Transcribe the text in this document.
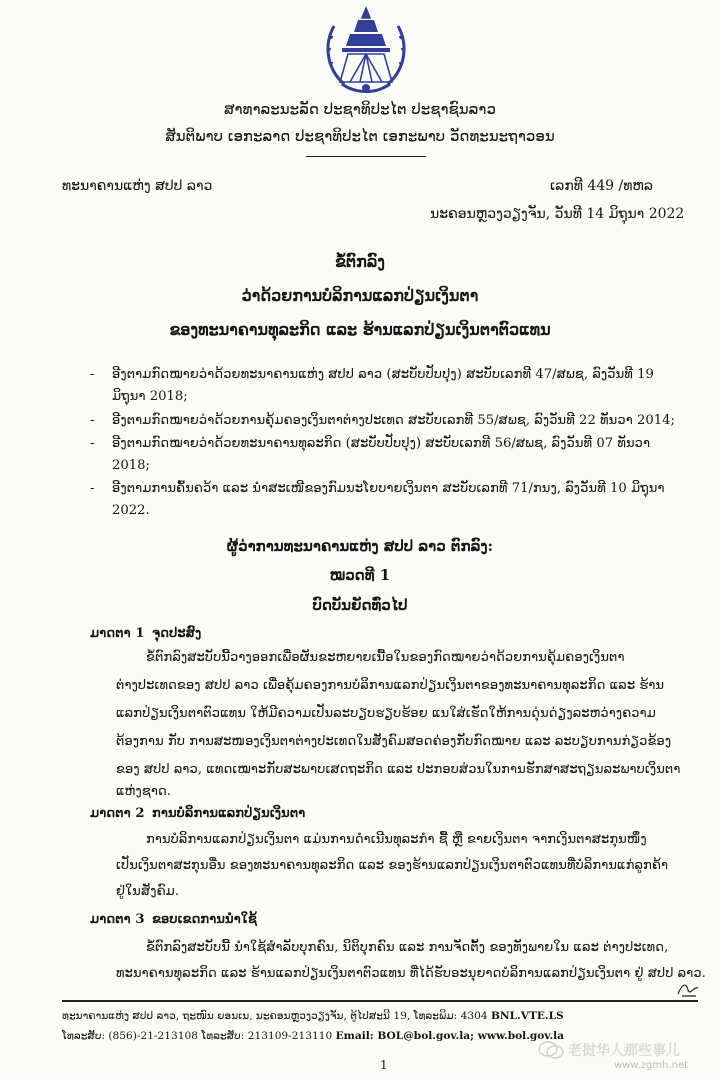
ສາທາລະນະລັດ ປະຊາທິປະໄຕ ປະຊາຊົນລາວ
ສັນຕິພາບ ເອກະລາດ ປະຊາທິປະໄຕ ເອກະພາບ ວັດທະນະຖາວອນ
ທະນາຄານແຫ່ງ ສປປ ລາວ	ເລກທີ 449 /ທຫລ
ນະຄອນຫຼວງວຽງຈັນ, ວັນທີ 14 ມິຖຸນາ 2022
ຂໍ້ຕົກລົງ
ວ່າດ້ວຍການບໍລິການແລກປ່ຽນເງິນຕາ
ຂອງທະນາຄານທຸລະກິດ ແລະ ຮ້ານແລກປ່ຽນເງິນຕາຕົວແທນ
- ອີງຕາມກົດໝາຍວ່າດ້ວຍທະນາຄານແຫ່ງ ສປປ ລາວ (ສະບັບປັບປຸງ) ສະບັບເລກທີ 47/ສພຊ, ລົງວັນທີ 19
ມິຖຸນາ 2018;
- ອີງຕາມກົດໝາຍວ່າດ້ວຍການຄຸ້ມຄອງເງິນຕາຕ່າງປະເທດ ສະບັບເລກທີ 55/ສພຊ, ລົງວັນທີ 22 ທັນວາ 2014;
- ອີງຕາມກົດໝາຍວ່າດ້ວຍທະນາຄານທຸລະກິດ (ສະບັບປັບປຸງ) ສະບັບເລກທີ 56/ສພຊ, ລົງວັນທີ 07 ທັນວາ
2018;
- ອີງຕາມການຄົ້ນຄວ້າ ແລະ ນຳສະເໜີຂອງກົມນະໂຍບາຍເງິນຕາ ສະບັບເລກທີ 71/ກນງ, ລົງວັນທີ 10 ມິຖຸນາ
2022.
ຜູ້ວ່າການທະນາຄານແຫ່ງ ສປປ ລາວ ຕົກລົງ:
ໝວດທີ 1
ບົດບັນຍັດທົ່ວໄປ
ມາດຕາ 1 ຈຸດປະສົງ
ຂໍ້ຕົກລົງສະບັບນີ້ວາງອອກເພື່ອຜັນຂະຫຍາຍເນື້ອໃນຂອງກົດໝາຍວ່າດ້ວຍການຄຸ້ມຄອງເງິນຕາ
ຕ່າງປະເທດຂອງ ສປປ ລາວ ເພື່ອຄຸ້ມຄອງການບໍລິການແລກປ່ຽນເງິນຕາຂອງທະນາຄານທຸລະກິດ ແລະ ຮ້ານ
ແລກປ່ຽນເງິນຕາຕົວແທນ ໃຫ້ມີຄວາມເປັນລະບຽບຮຽບຮ້ອຍ ແນໃສ່ເຮັດໃຫ້ການດຸ່ນດ່ຽງລະຫວ່າງຄວາມ
ຕ້ອງການ ກັບ ການສະໜອງເງິນຕາຕ່າງປະເທດໃນສັງຄົມສອດຄ່ອງກັບກົດໝາຍ ແລະ ລະບຽບການກ່ຽວຂ້ອງ
ຂອງ ສປປ ລາວ, ແທດເໝາະກັບສະພາບເສດຖະກິດ ແລະ ປະກອບສ່ວນໃນການຮັກສາສະຖຽນລະພາບເງິນຕາ
ແຫ່ງຊາດ.
ມາດຕາ 2 ການບໍລິການແລກປ່ຽນເງິນຕາ
ການບໍລິການແລກປ່ຽນເງິນຕາ ແມ່ນການດຳເນີນທຸລະກຳ ຊື້ ຫຼື ຂາຍເງິນຕາ ຈາກເງິນຕາສະກຸນໜຶ່ງ
ເປັນເງິນຕາສະກຸນອື່ນ ຂອງທະນາຄານທຸລະກິດ ແລະ ຂອງຮ້ານແລກປ່ຽນເງິນຕາຕົວແທນທີ່ບໍລິການແກ່ລູກຄ້າ
ຢູ່ໃນສັງຄົມ.
ມາດຕາ 3 ຂອບເຂດການນຳໃຊ້
ຂໍ້ຕົກລົງສະບັບນີ້ ນຳໃຊ້ສຳລັບບຸກຄົນ, ນິຕິບຸກຄົນ ແລະ ການຈັດຕັ້ງ ຂອງທັງພາຍໃນ ແລະ ຕ່າງປະເທດ,
ທະນາຄານທຸລະກິດ ແລະ ຮ້ານແລກປ່ຽນເງິນຕາຕົວແທນ ທີ່ໄດ້ຮັບອະນຸຍາດບໍລິການແລກປ່ຽນເງິນຕາ ຢູ່ ສປປ ລາວ.
ທະນາຄານແຫ່ງ ສປປ ລາວ, ຖະໜົນ ຍອນເນ, ນະຄອນຫຼວງວຽງຈັນ, ຕູ້ໄປສະນີ 19, ໂທລະພິມ: 4304 BNL.VTE.LS
ໂທລະສັບ: (856)-21-213108 ໂທລະສັບ: 213109-213110 Email: BOL@bol.gov.la; www.bol.gov.la
1
老挝华人那些事儿
www.zgmh.net
